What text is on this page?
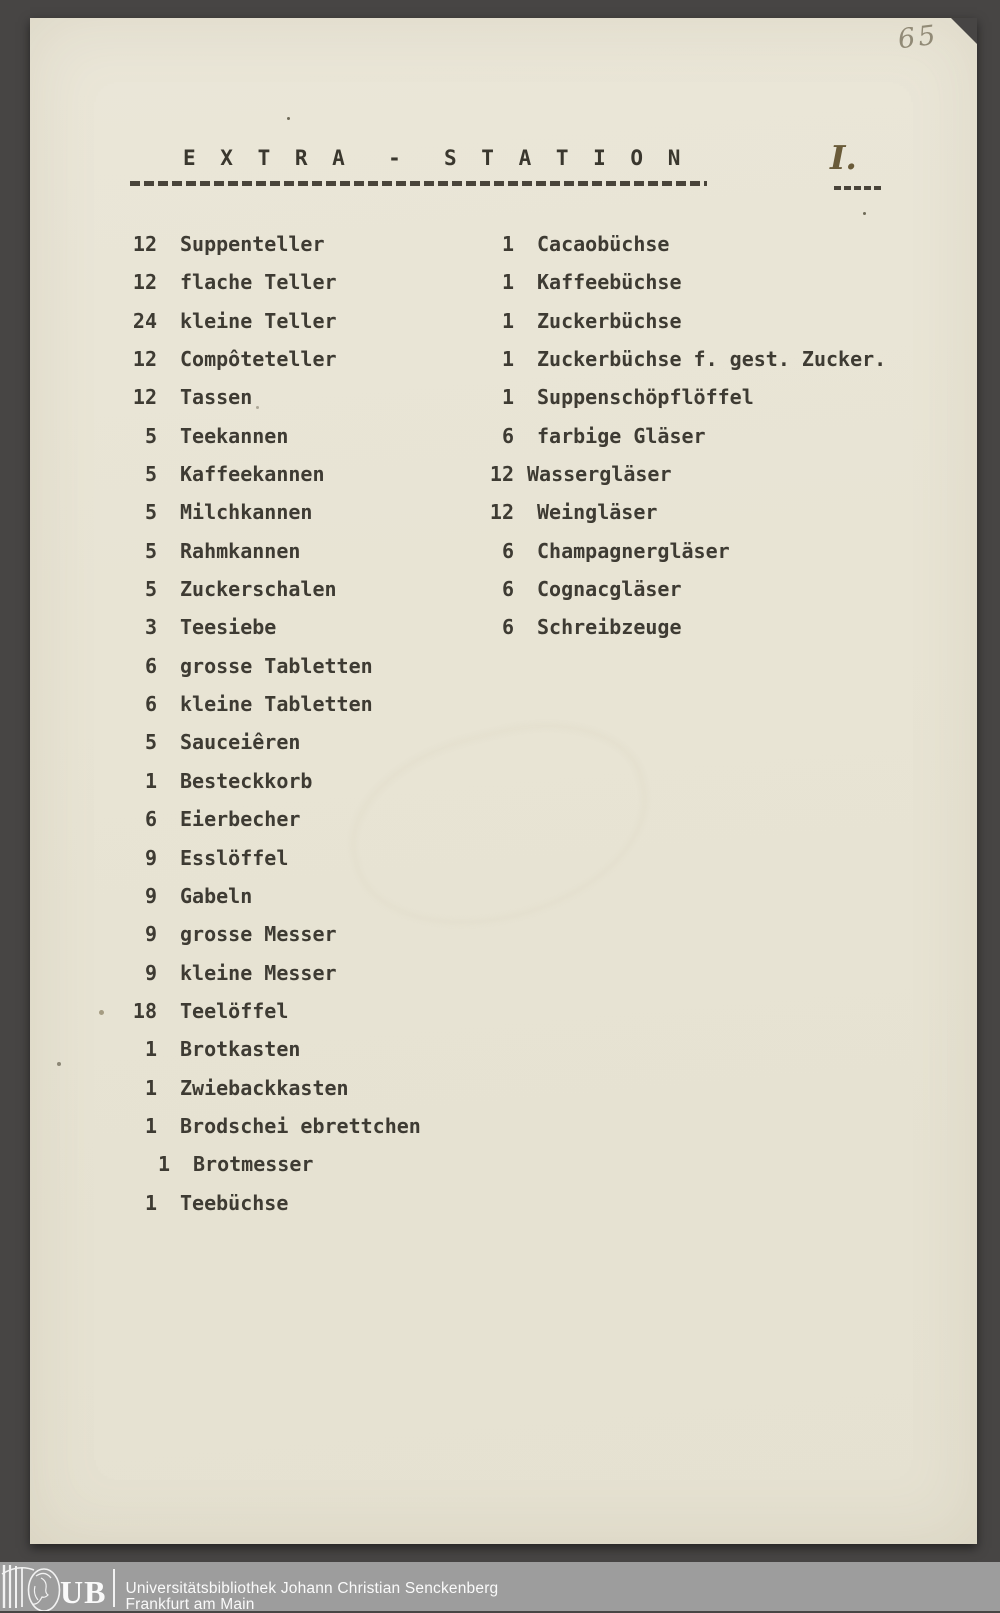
65
E X T R A  -  S T A T I O N	I.
12 Suppenteller
12 flache Teller
24 kleine Teller
12 Compôteteller
12 Tassen
5 Teekannen
5 Kaffeekannen
5 Milchkannen
5 Rahmkannen
5 Zuckerschalen
3 Teesiebe
6 grosse Tabletten
6 kleine Tabletten
5 Sauceiêren
1 Besteckkorb
6 Eierbecher
9 Esslöffel
9 Gabeln
9 grosse Messer
9 kleine Messer
18 Teelöffel
1 Brotkasten
1 Zwiebackkasten
1 Brodschei ebrettchen
1 Brotmesser
1 Teebüchse
1 Cacaobüchse
1 Kaffeebüchse
1 Zuckerbüchse
1 Zuckerbüchse f. gest. Zucker.
1 Suppenschöpflöffel
6 farbige Gläser
12 Wassergläser
12 Weingläser
6 Champagnergläser
6 Cognacgläser
6 Schreibzeuge
UB Universitätsbibliothek Johann Christian Senckenberg
Frankfurt am Main
